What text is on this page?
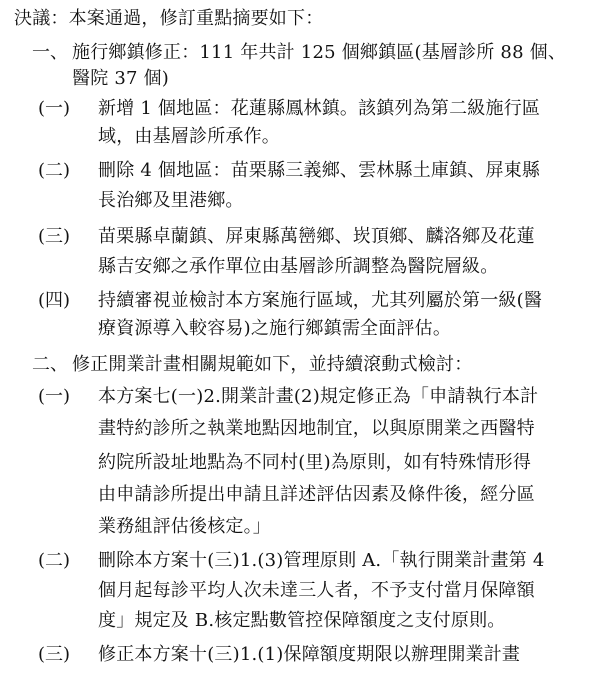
決議：本案通過，修訂重點摘要如下：
一、 施行鄉鎮修正：111 年共計 125 個鄉鎮區(基層診所 88 個、
醫院 37 個)
(一) 新增 1 個地區：花蓮縣鳳林鎮。該鎮列為第二級施行區
域，由基層診所承作。
(二) 刪除 4 個地區：苗栗縣三義鄉、雲林縣土庫鎮、屏東縣
長治鄉及里港鄉。
(三) 苗栗縣卓蘭鎮、屏東縣萬巒鄉、崁頂鄉、麟洛鄉及花蓮
縣吉安鄉之承作單位由基層診所調整為醫院層級。
(四) 持續審視並檢討本方案施行區域，尤其列屬於第一級(醫
療資源導入較容易)之施行鄉鎮需全面評估。
二、 修正開業計畫相關規範如下，並持續滾動式檢討：
(一) 本方案七(一)2.開業計畫(2)規定修正為「申請執行本計
畫特約診所之執業地點因地制宜，以與原開業之西醫特
約院所設址地點為不同村(里)為原則，如有特殊情形得
由申請診所提出申請且詳述評估因素及條件後，經分區
業務組評估後核定。」
(二) 刪除本方案十(三)1.(3)管理原則 A.「執行開業計畫第 4
個月起每診平均人次未達三人者，不予支付當月保障額
度」規定及 B.核定點數管控保障額度之支付原則。
(三) 修正本方案十(三)1.(1)保障額度期限以辦理開業計畫
